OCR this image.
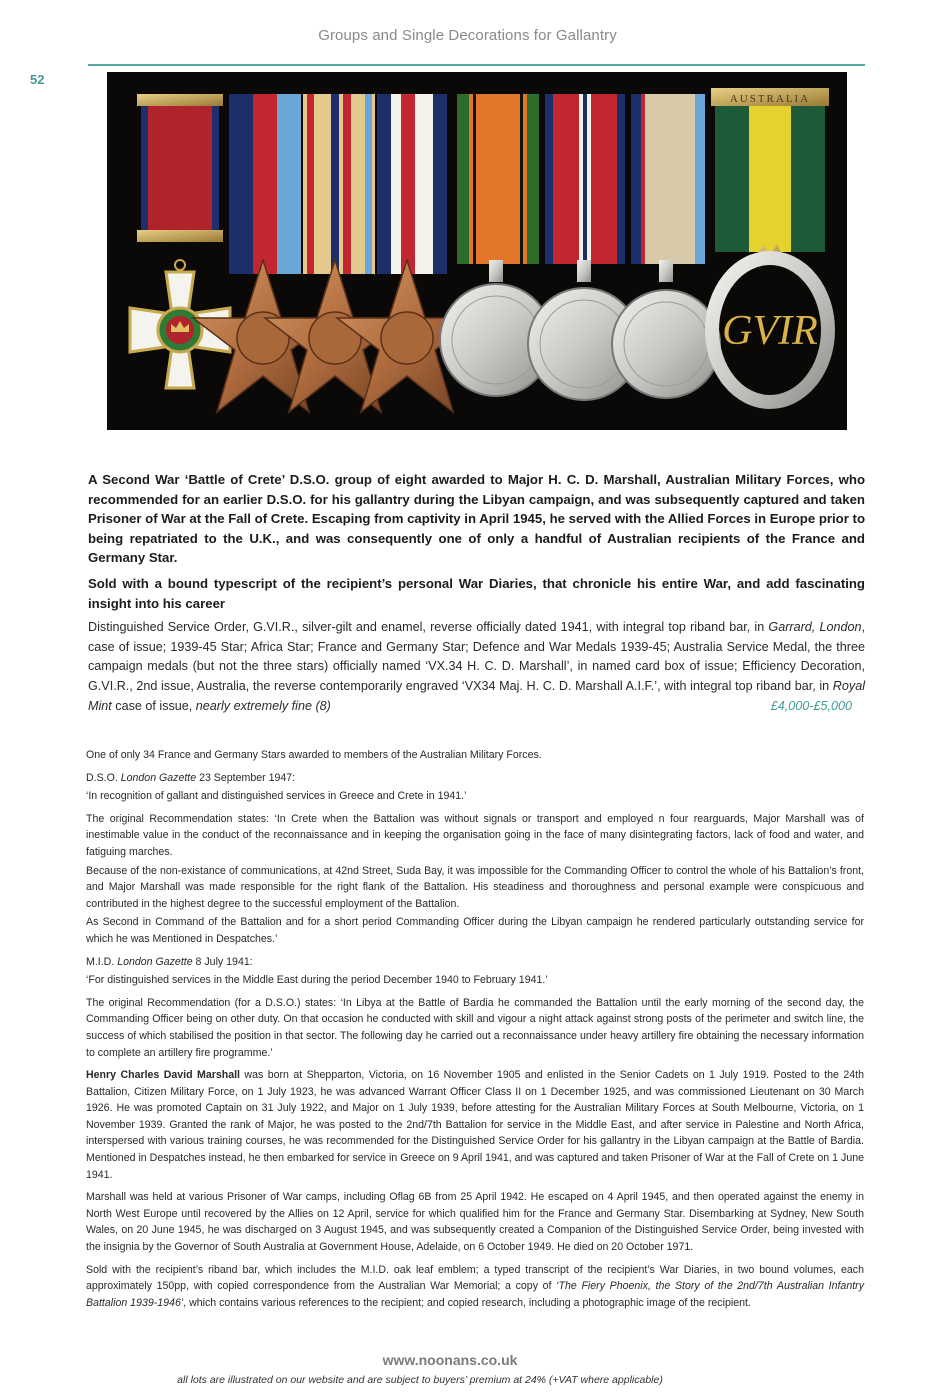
Groups and Single Decorations for Gallantry
52
AUSTRALIA
GVIR
A Second War ‘Battle of Crete’ D.S.O. group of eight awarded to Major H. C. D. Marshall, Australian Military Forces, who recommended for an earlier D.S.O. for his gallantry during the Libyan campaign, and was subsequently captured and taken Prisoner of War at the Fall of Crete. Escaping from captivity in April 1945, he served with the Allied Forces in Europe prior to being repatriated to the U.K., and was consequently one of only a handful of Australian recipients of the France and Germany Star.
Sold with a bound typescript of the recipient’s personal War Diaries, that chronicle his entire War, and add fascinating insight into his career

Distinguished Service Order, G.VI.R., silver-gilt and enamel, reverse officially dated 1941, with integral top riband bar, in Garrard, London, case of issue; 1939-45 Star; Africa Star; France and Germany Star; Defence and War Medals 1939-45; Australia Service Medal, the three campaign medals (but not the three stars) officially named ‘VX.34 H. C. D. Marshall’, in named card box of issue; Efficiency Decoration, G.VI.R., 2nd issue, Australia, the reverse contemporarily engraved ‘VX34 Maj. H. C. D. Marshall A.I.F.’, with integral top riband bar, in Royal Mint case of issue, nearly extremely fine (8)	£4,000-£5,000

One of only 34 France and Germany Stars awarded to members of the Australian Military Forces.

D.S.O. London Gazette 23 September 1947:

‘In recognition of gallant and distinguished services in Greece and Crete in 1941.’

The original Recommendation states: ‘In Crete when the Battalion was without signals or transport and employed n four rearguards, Major Marshall was of inestimable value in the conduct of the reconnaissance and in keeping the organisation going in the face of many disintegrating factors, lack of food and water, and fatiguing marches.

Because of the non-existance of communications, at 42nd Street, Suda Bay, it was impossible for the Commanding Officer to control the whole of his Battalion’s front, and Major Marshall was made responsible for the right flank of the Battalion. His steadiness and thoroughness and personal example were conspicuous and contributed in the highest degree to the successful employment of the Battalion.

As Second in Command of the Battalion and for a short period Commanding Officer during the Libyan campaign he rendered particularly outstanding service for which he was Mentioned in Despatches.’

M.I.D. London Gazette 8 July 1941:

‘For distinguished services in the Middle East during the period December 1940 to February 1941.’

The original Recommendation (for a D.S.O.) states: ‘In Libya at the Battle of Bardia he commanded the Battalion until the early morning of the second day, the Commanding Officer being on other duty. On that occasion he conducted with skill and vigour a night attack against strong posts of the perimeter and switch line, the success of which stabilised the position in that sector. The following day he carried out a reconnaissance under heavy artillery fire obtaining the necessary information to complete an artillery fire programme.’

Henry Charles David Marshall was born at Shepparton, Victoria, on 16 November 1905 and enlisted in the Senior Cadets on 1 July 1919. Posted to the 24th Battalion, Citizen Military Force, on 1 July 1923, he was advanced Warrant Officer Class II on 1 December 1925, and was commissioned Lieutenant on 30 March 1926. He was promoted Captain on 31 July 1922, and Major on 1 July 1939, before attesting for the Australian Military Forces at South Melbourne, Victoria, on 1 November 1939. Granted the rank of Major, he was posted to the 2nd/7th Battalion for service in the Middle East, and after service in Palestine and North Africa, interspersed with various training courses, he was recommended for the Distinguished Service Order for his gallantry in the Libyan campaign at the Battle of Bardia. Mentioned in Despatches instead, he then embarked for service in Greece on 9 April 1941, and was captured and taken Prisoner of War at the Fall of Crete on 1 June 1941.

Marshall was held at various Prisoner of War camps, including Oflag 6B from 25 April 1942. He escaped on 4 April 1945, and then operated against the enemy in North West Europe until recovered by the Allies on 12 April, service for which qualified him for the France and Germany Star. Disembarking at Sydney, New South Wales, on 20 June 1945, he was discharged on 3 August 1945, and was subsequently created a Companion of the Distinguished Service Order, being invested with the insignia by the Governor of South Australia at Government House, Adelaide, on 6 October 1949. He died on 20 October 1971.

Sold with the recipient’s riband bar, which includes the M.I.D. oak leaf emblem; a typed transcript of the recipient’s War Diaries, in two bound volumes, each approximately 150pp, with copied correspondence from the Australian War Memorial; a copy of ‘The Fiery Phoenix, the Story of the 2nd/7th Australian Infantry Battalion 1939-1946’, which contains various references to the recipient; and copied research, including a photographic image of the recipient.

www.noonans.co.uk
all lots are illustrated on our website and are subject to buyers’ premium at 24% (+VAT where applicable)
